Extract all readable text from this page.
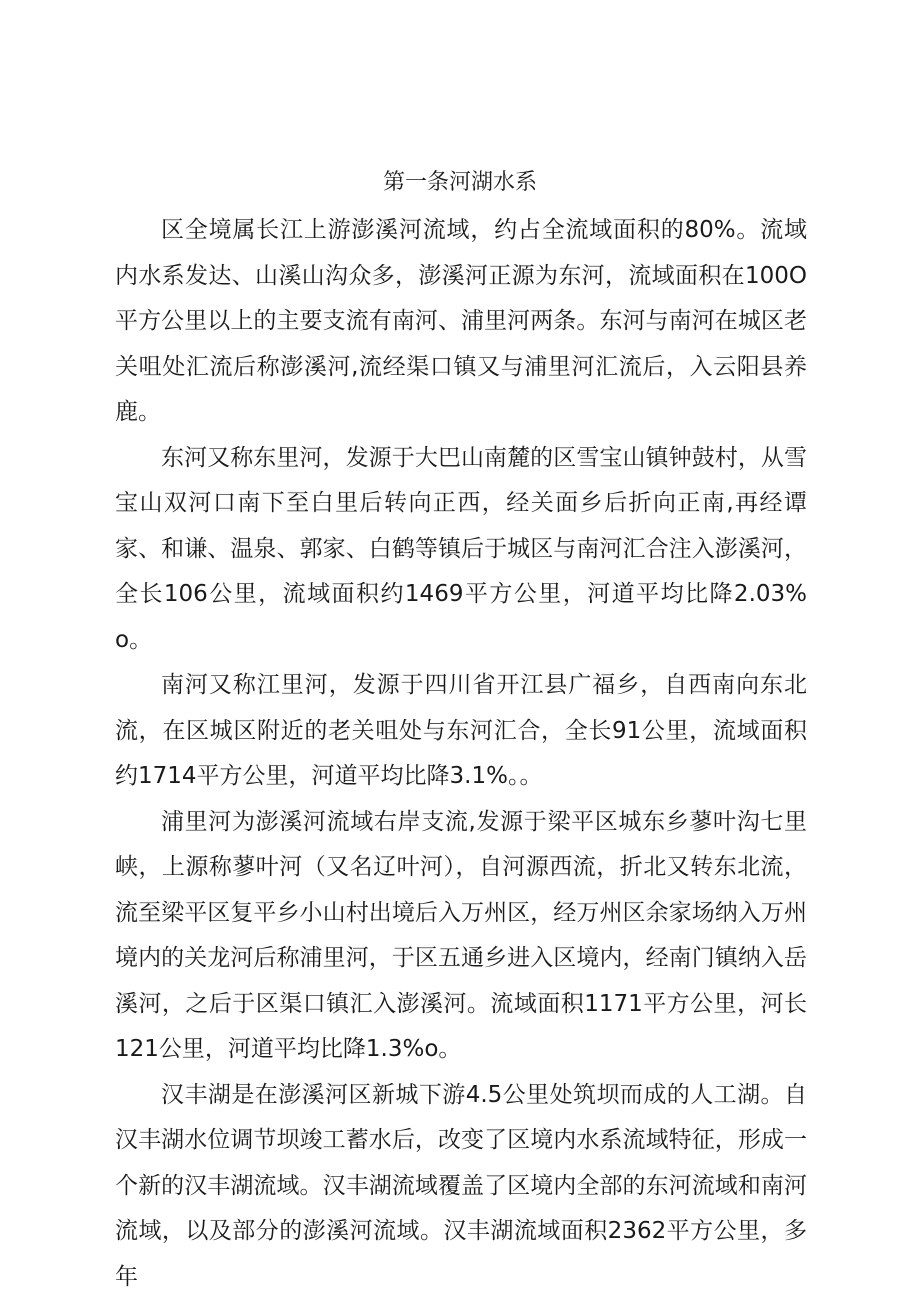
第一条河湖水系

区全境属长江上游澎溪河流域，约占全流域面积的80%。流域内水系发达、山溪山沟众多，澎溪河正源为东河，流域面积在100O平方公里以上的主要支流有南河、浦里河两条。东河与南河在城区老关咀处汇流后称澎溪河,流经渠口镇又与浦里河汇流后，入云阳县养鹿。

东河又称东里河，发源于大巴山南麓的区雪宝山镇钟鼓村，从雪宝山双河口南下至白里后转向正西，经关面乡后折向正南,再经谭家、和谦、温泉、郭家、白鹤等镇后于城区与南河汇合注入澎溪河，全长106公里，流域面积约1469平方公里，河道平均比降2.03%o。

南河又称江里河，发源于四川省开江县广福乡，自西南向东北流，在区城区附近的老关咀处与东河汇合，全长91公里，流域面积约1714平方公里，河道平均比降3.1%。。

浦里河为澎溪河流域右岸支流,发源于梁平区城东乡蓼叶沟七里峡，上源称蓼叶河（又名辽叶河），自河源西流，折北又转东北流，流至梁平区复平乡小山村出境后入万州区，经万州区余家场纳入万州境内的关龙河后称浦里河，于区五通乡进入区境内，经南门镇纳入岳溪河，之后于区渠口镇汇入澎溪河。流域面积1171平方公里，河长121公里，河道平均比降1.3%o。

汉丰湖是在澎溪河区新城下游4.5公里处筑坝而成的人工湖。自汉丰湖水位调节坝竣工蓄水后，改变了区境内水系流域特征，形成一个新的汉丰湖流域。汉丰湖流域覆盖了区境内全部的东河流域和南河流域，以及部分的澎溪河流域。汉丰湖流域面积2362平方公里，多年
